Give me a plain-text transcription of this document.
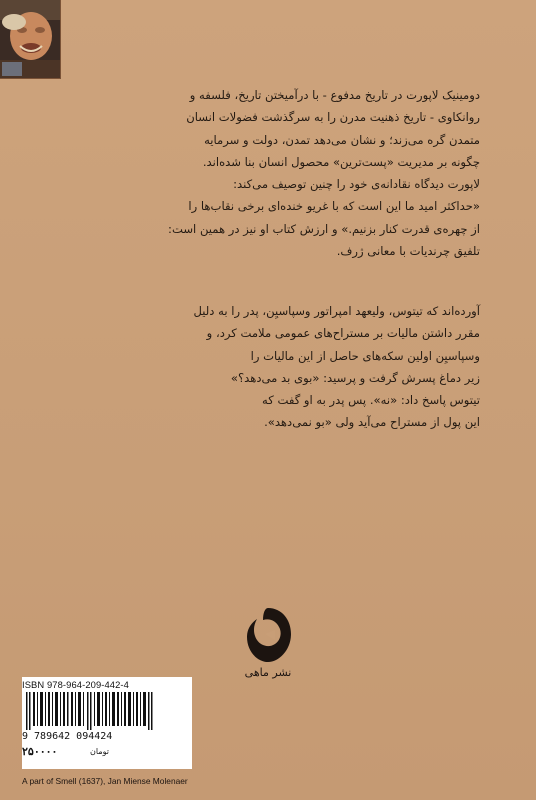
دومینیک لاپورت در تاریخ مدفوع - با درآمیختن تاریخ، فلسفه و

روانکاوی - تاریخ ذهنیت مدرن را به سرگذشت فضولات انسان

متمدن گره می‌زند؛ و نشان می‌دهد تمدن، دولت و سرمایه

چگونه بر مدیریت «پست‌ترین» محصول انسان بنا شده‌اند.

لاپورت دیدگاه نقادانه‌ی خود را چنین توصیف می‌کند:

«حداکثر امید ما این است که با غریو خنده‌ای برخی نقاب‌ها را

از چهره‌ی قدرت کنار بزنیم.» و ارزش کتاب او نیز در همین است:

تلفیق چرندیات با معانی ژرف.

آورده‌اند که تیتوس، ولیعهد امپراتور وسپاسیِن، پدر را به دلیل

مقرر داشتن مالیات بر مستراح‌های عمومی ملامت کرد، و

وسپاسیِن اولین سکه‌های حاصل از این مالیات را

زیر دماغ پسرش گرفت و پرسید: «بوی بد می‌دهد؟»

تیتوس پاسخ داد: «نه». پس پدر به او گفت که

این پول از مستراح می‌آید ولی «بو نمی‌دهد».

نشر ماهی
ISBN 978-964-209-442-4
9 789642 094424
۲۵۰۰۰۰	تومان
A part of Smell (1637), Jan Miense Molenaer
